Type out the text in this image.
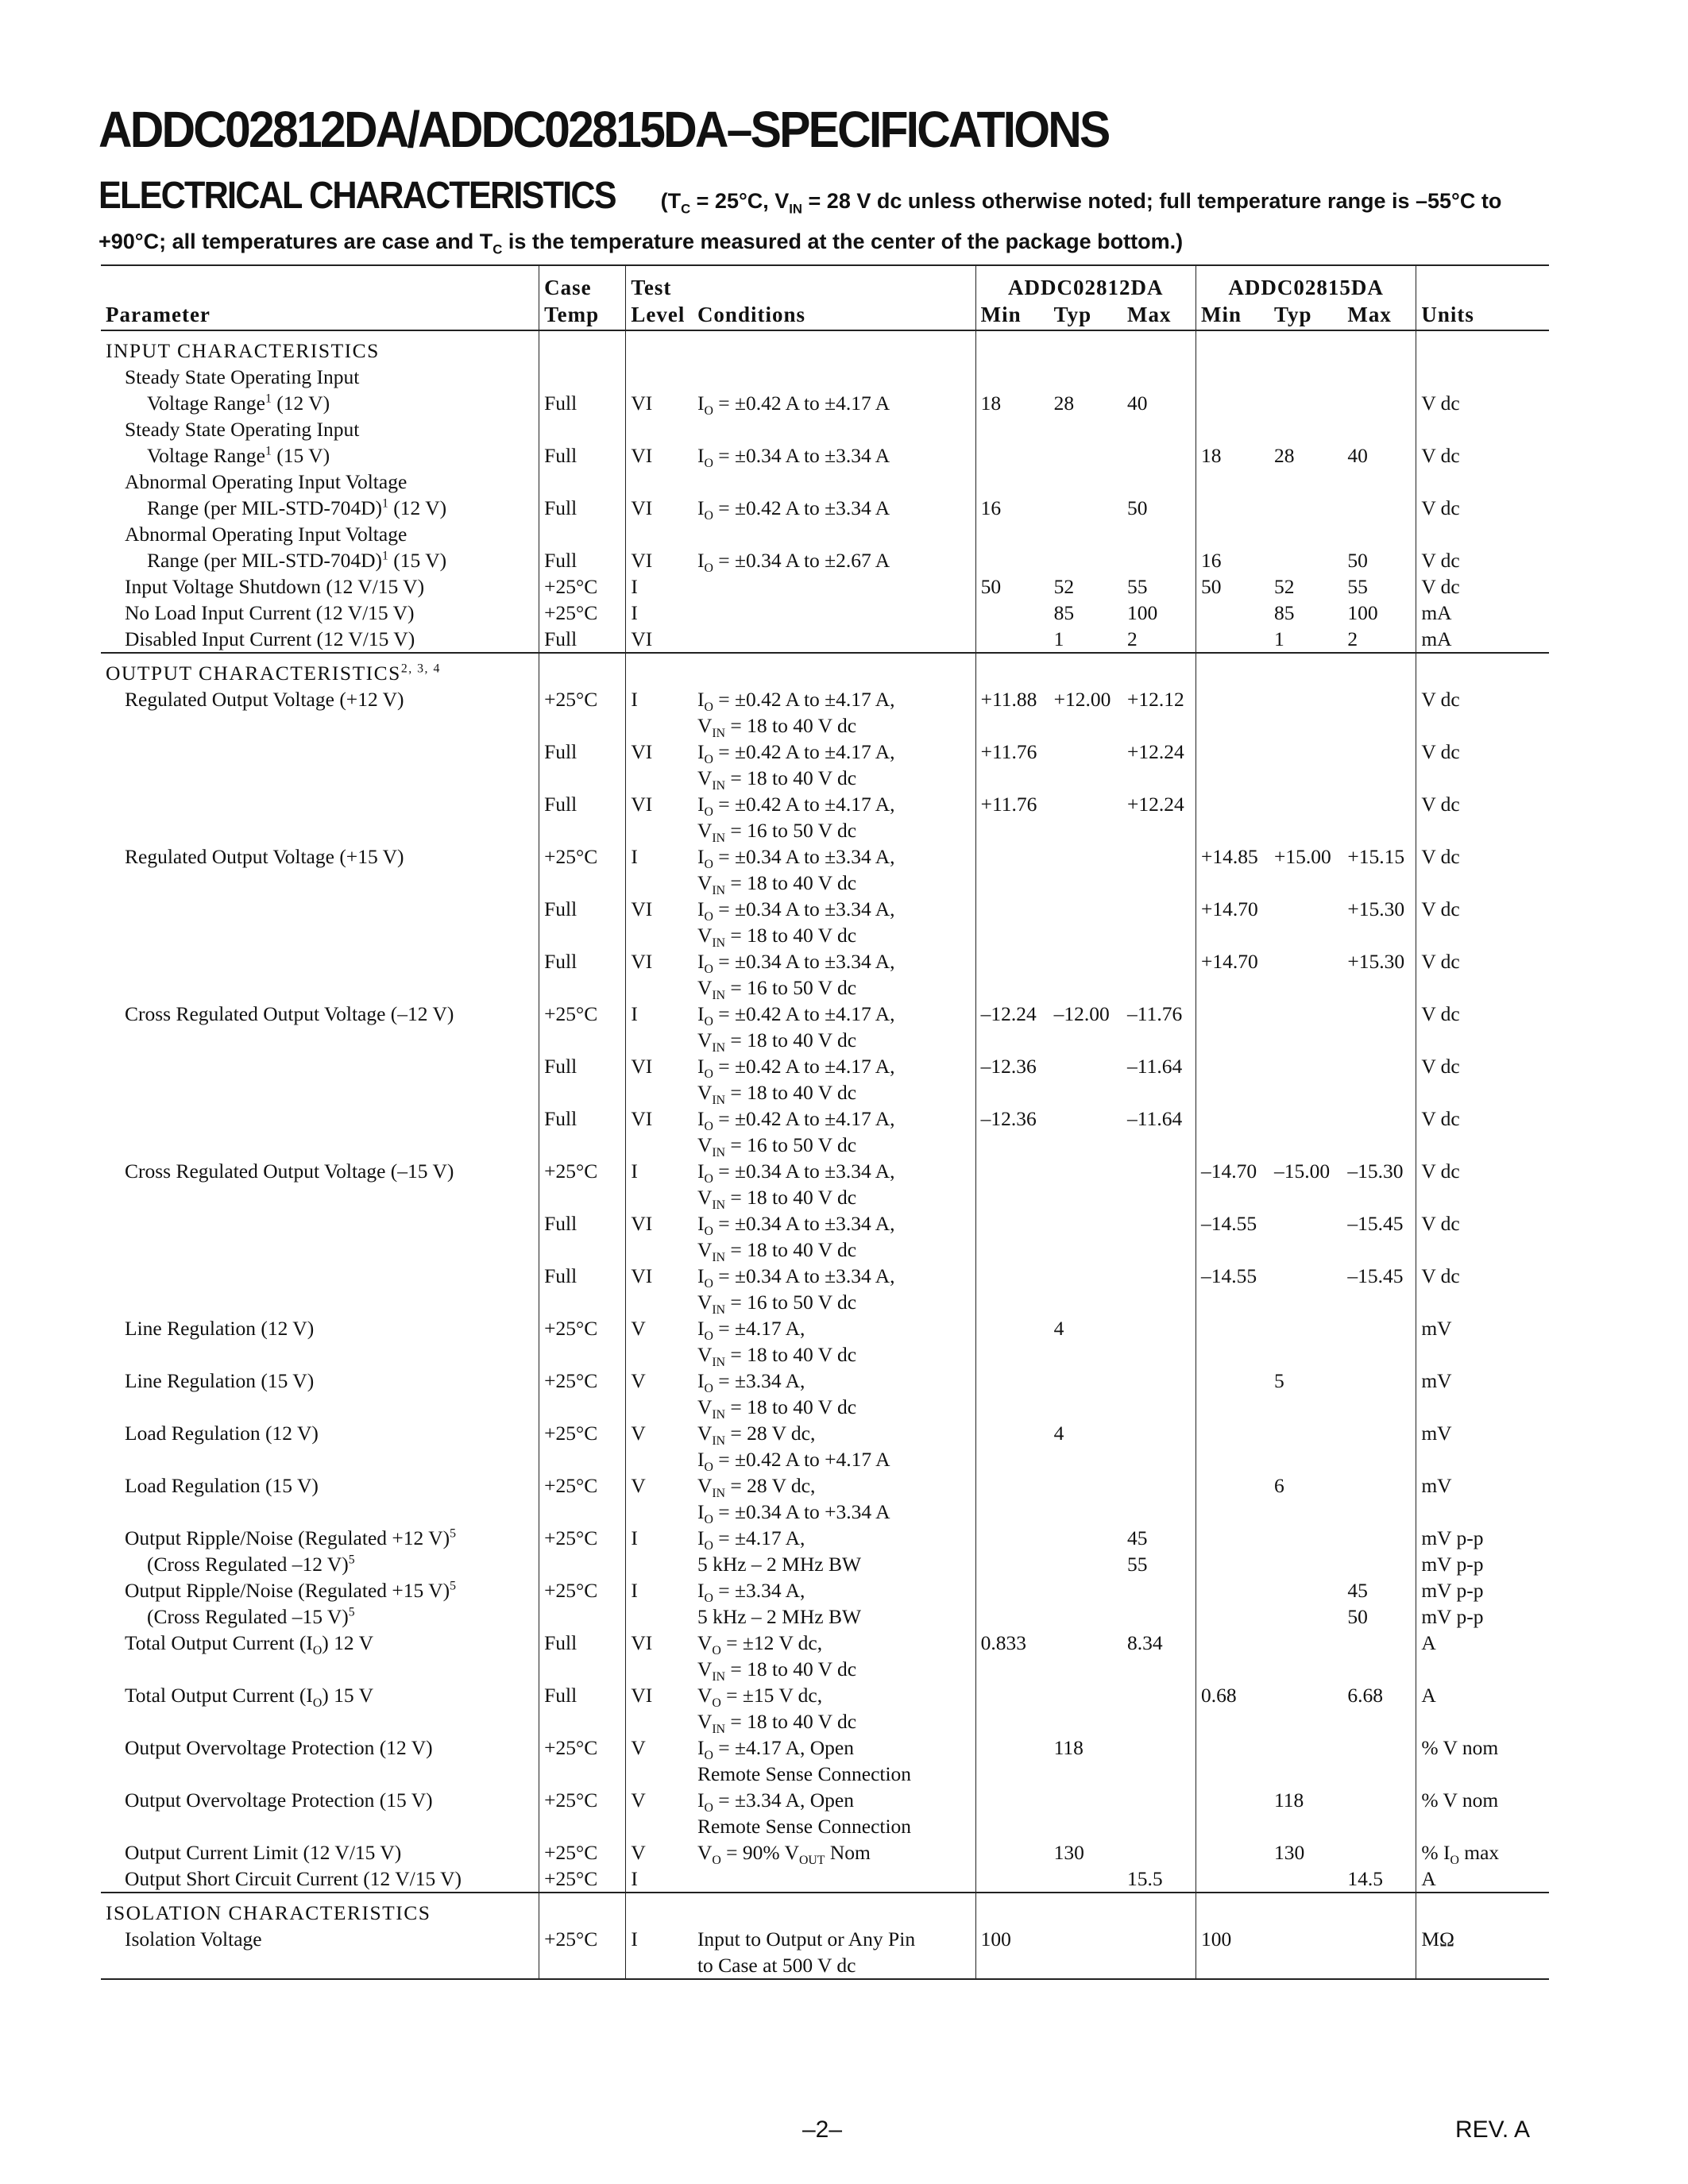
ADDC02812DA/ADDC02815DA–SPECIFICATIONS
ELECTRICAL CHARACTERISTICS ($T_C = 25^\circ C$, $V_{IN} = 28$ V dc unless otherwise noted; full temperature range is –55°C to +90°C; all temperatures are case and $T_C$ is the temperature measured at the center of the package bottom.)
	Case	Test		ADDC02812DA			ADDC02815DA			
Parameter	Temp	Level	Conditions	Min	Typ	Max	Min	Typ	Max	Units
INPUT CHARACTERISTICS										
Steady State Operating Input										
Voltage Range$^1$ (12 V)	Full	VI	$I_O = \pm 0.42$ A to ±4.17 A	18	28	40				V dc
Steady State Operating Input										
Voltage Range$^1$ (15 V)	Full	VI	$I_O = \pm 0.34$ A to ±3.34 A				18	28	40	V dc
Abnormal Operating Input Voltage										
Range (per MIL-STD-704D)$^1$ (12 V)	Full	VI	$I_O = \pm 0.42$ A to ±3.34 A	16		50				V dc
Abnormal Operating Input Voltage										
Range (per MIL-STD-704D)$^1$ (15 V)	Full	VI	$I_O = \pm 0.34$ A to ±2.67 A				16		50	V dc
Input Voltage Shutdown (12 V/15 V)	+25°C	I		50	52	55	50	52	55	V dc
No Load Input Current (12 V/15 V)	+25°C	I			85	100		85	100	mA
Disabled Input Current (12 V/15 V)	Full	VI			1	2		1	2	mA
OUTPUT CHARACTERISTICS$^{2, 3, 4}$										
Regulated Output Voltage (+12 V)	+25°C	I	$I_O = \pm 0.42$ A to ±4.17 A,	+11.88	+12.00	+12.12				V dc
			$V_{IN} = 18$ to 40 V dc							
	Full	VI	$I_O = \pm 0.42$ A to ±4.17 A,	+11.76		+12.24				V dc
			$V_{IN} = 18$ to 40 V dc							
	Full	VI	$I_O = \pm 0.42$ A to ±4.17 A,	+11.76		+12.24				V dc
			$V_{IN} = 16$ to 50 V dc							
Regulated Output Voltage (+15 V)	+25°C	I	$I_O = \pm 0.34$ A to ±3.34 A,				+14.85	+15.00	+15.15	V dc
			$V_{IN} = 18$ to 40 V dc							
	Full	VI	$I_O = \pm 0.34$ A to ±3.34 A,				+14.70		+15.30	V dc
			$V_{IN} = 18$ to 40 V dc							
	Full	VI	$I_O = \pm 0.34$ A to ±3.34 A,				+14.70		+15.30	V dc
			$V_{IN} = 16$ to 50 V dc							
Cross Regulated Output Voltage (–12 V)	+25°C	I	$I_O = \pm 0.42$ A to ±4.17 A,	–12.24	–12.00	–11.76				V dc
			$V_{IN} = 18$ to 40 V dc							
	Full	VI	$I_O = \pm 0.42$ A to ±4.17 A,	–12.36		–11.64				V dc
			$V_{IN} = 18$ to 40 V dc							
	Full	VI	$I_O = \pm 0.42$ A to ±4.17 A,	–12.36		–11.64				V dc
			$V_{IN} = 16$ to 50 V dc							
Cross Regulated Output Voltage (–15 V)	+25°C	I	$I_O = \pm 0.34$ A to ±3.34 A,				–14.70	–15.00	–15.30	V dc
			$V_{IN} = 18$ to 40 V dc							
	Full	VI	$I_O = \pm 0.34$ A to ±3.34 A,				–14.55		–15.45	V dc
			$V_{IN} = 18$ to 40 V dc							
	Full	VI	$I_O = \pm 0.34$ A to ±3.34 A,				–14.55		–15.45	V dc
			$V_{IN} = 16$ to 50 V dc							
Line Regulation (12 V)	+25°C	V	$I_O = \pm 4.17$ A,		4					mV
			$V_{IN} = 18$ to 40 V dc							
Line Regulation (15 V)	+25°C	V	$I_O = \pm 3.34$ A,					5		mV
			$V_{IN} = 18$ to 40 V dc							
Load Regulation (12 V)	+25°C	V	$V_{IN} = 28$ V dc,		4					mV
			$I_O = \pm 0.42$ A to +4.17 A							
Load Regulation (15 V)	+25°C	V	$V_{IN} = 28$ V dc,					6		mV
			$I_O = \pm 0.34$ A to +3.34 A							
Output Ripple/Noise (Regulated +12 V)$^5$	+25°C	I	$I_O = \pm 4.17$ A,			45				mV p-p
(Cross Regulated –12 V)$^5$			5 kHz – 2 MHz BW			55				mV p-p
Output Ripple/Noise (Regulated +15 V)$^5$	+25°C	I	$I_O = \pm 3.34$ A,						45	mV p-p
(Cross Regulated –15 V)$^5$			5 kHz – 2 MHz BW						50	mV p-p
Total Output Current $(I_O)$ 12 V	Full	VI	$V_O = \pm 12$ V dc,	0.833		8.34				A
			$V_{IN} = 18$ to 40 V dc							
Total Output Current $(I_O)$ 15 V	Full	VI	$V_O = \pm 15$ V dc,				0.68		6.68	A
			$V_{IN} = 18$ to 40 V dc							
Output Overvoltage Protection (12 V)	+25°C	V	$I_O = \pm 4.17$ A, Open		118					% V nom
			Remote Sense Connection							
Output Overvoltage Protection (15 V)	+25°C	V	$I_O = \pm 3.34$ A, Open					118		% V nom
			Remote Sense Connection							
Output Current Limit (12 V/15 V)	+25°C	V	$V_O = 90\%$ $V_{OUT}$ Nom		130			130		% $I_O$ max
Output Short Circuit Current (12 V/15 V)	+25°C	I				15.5			14.5	A
ISOLATION CHARACTERISTICS										
Isolation Voltage	+25°C	I	Input to Output or Any Pin	100			100			MΩ
			to Case at 500 V dc							
–2–	REV. A
